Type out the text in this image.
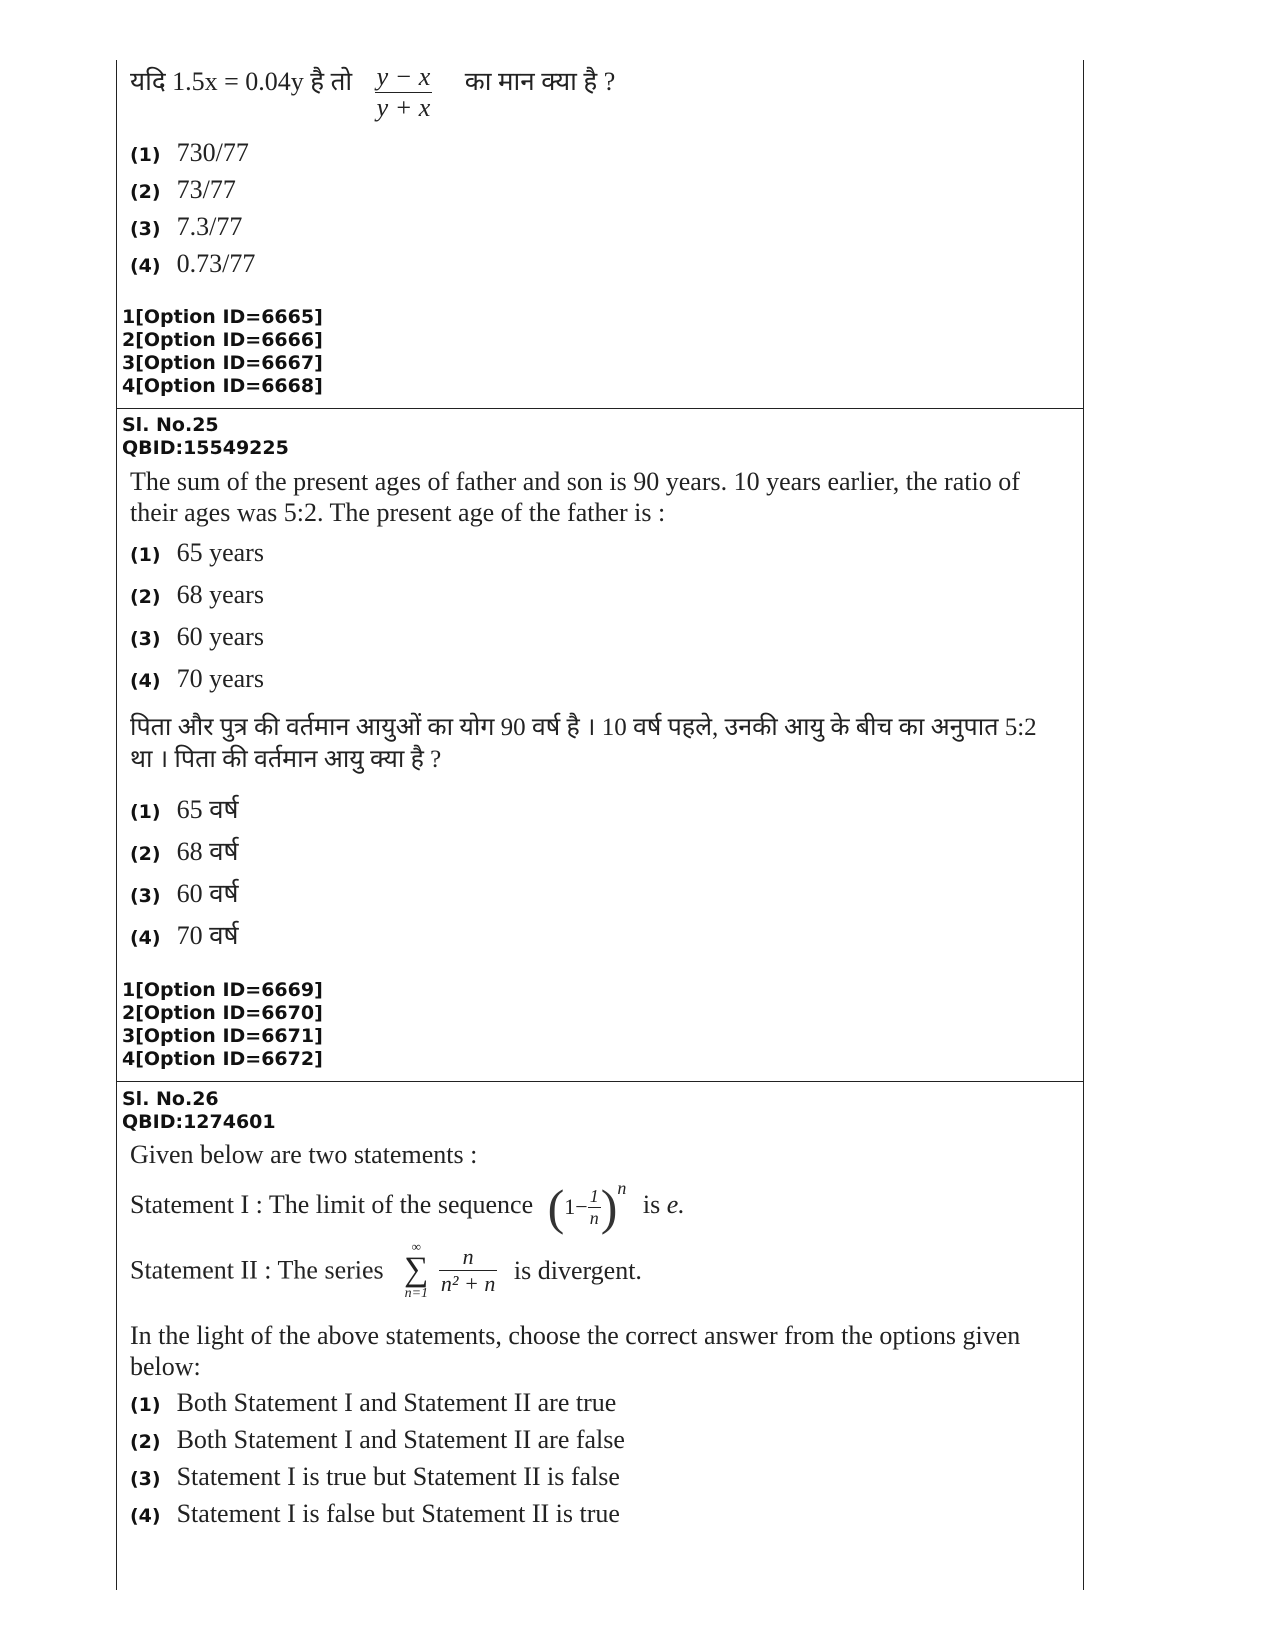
यदि 1.5x = 0.04y है तो $\frac{y - x}{y + x}$ का मान क्या है ?
(1) 730/77
(2) 73/77
(3) 7.3/77
(4) 0.73/77
1[Option ID=6665]
2[Option ID=6666]
3[Option ID=6667]
4[Option ID=6668]
Sl. No.25
QBID:15549225
The sum of the present ages of father and son is 90 years. 10 years earlier, the ratio of their ages was 5:2. The present age of the father is :
(1) 65 years
(2) 68 years
(3) 60 years
(4) 70 years
पिता और पुत्र की वर्तमान आयुओं का योग 90 वर्ष है । 10 वर्ष पहले, उनकी आयु के बीच का अनुपात 5:2 था । पिता की वर्तमान आयु क्या है ?
(1) 65 वर्ष
(2) 68 वर्ष
(3) 60 वर्ष
(4) 70 वर्ष
1[Option ID=6669]
2[Option ID=6670]
3[Option ID=6671]
4[Option ID=6672]
Sl. No.26
QBID:1274601
Given below are two statements :
Statement I : The limit of the sequence $(1- \frac{1}{n} )^n$ is e.
Statement II : The series
∞
∑
n=1
$\frac{n}{\text{n² + n}}$ is divergent.
In the light of the above statements, choose the correct answer from the options given below:
(1) Both Statement I and Statement II are true
(2) Both Statement I and Statement II are false
(3) Statement I is true but Statement II is false
(4) Statement I is false but Statement II is true
